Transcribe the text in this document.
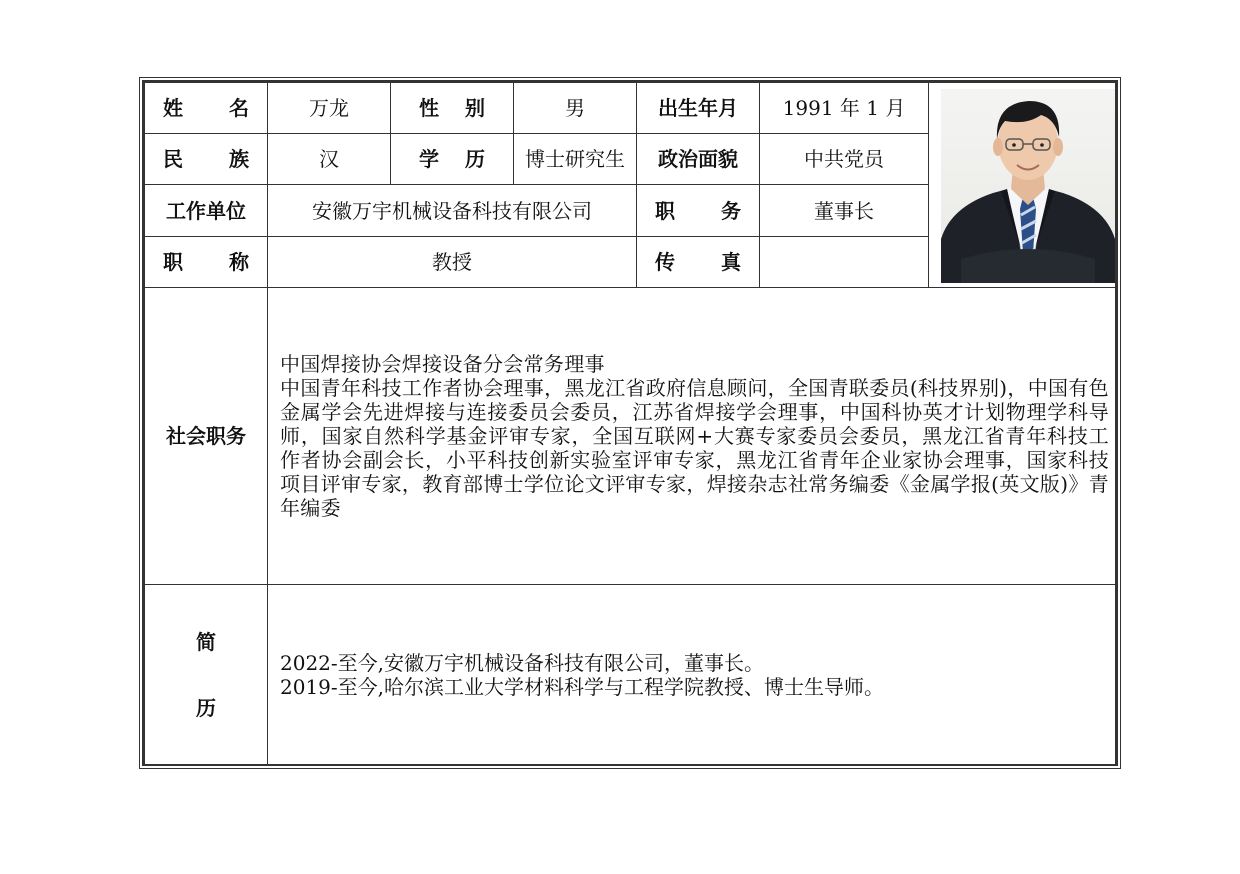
姓名	万龙	性别	男	出生年月	1991 年 1 月	

民族	汉	学历	博士研究生	政治面貌	中共党员	
工作单位	安徽万宇机械设备科技有限公司			职务	董事长	
职称	教授			传真		
社会职务	中国焊接协会焊接设备分会常务理事
中国青年科技工作者协会理事，黑龙江省政府信息顾问，全国青联委员(科技界别)，中国有色金属学会先进焊接与连接委员会委员，江苏省焊接学会理事，中国科协英才计划物理学科导师，国家自然科学基金评审专家，全国互联网+大赛专家委员会委员，黑龙江省青年科技工作者协会副会长，小平科技创新实验室评审专家，黑龙江省青年企业家协会理事，国家科技项目评审专家，教育部博士学位论文评审专家，焊接杂志社常务编委《金属学报(英文版)》青年编委					

简
历	2022-至今,安徽万宇机械设备科技有限公司，董事长。
2019-至今,哈尔滨工业大学材料科学与工程学院教授、博士生导师。					
